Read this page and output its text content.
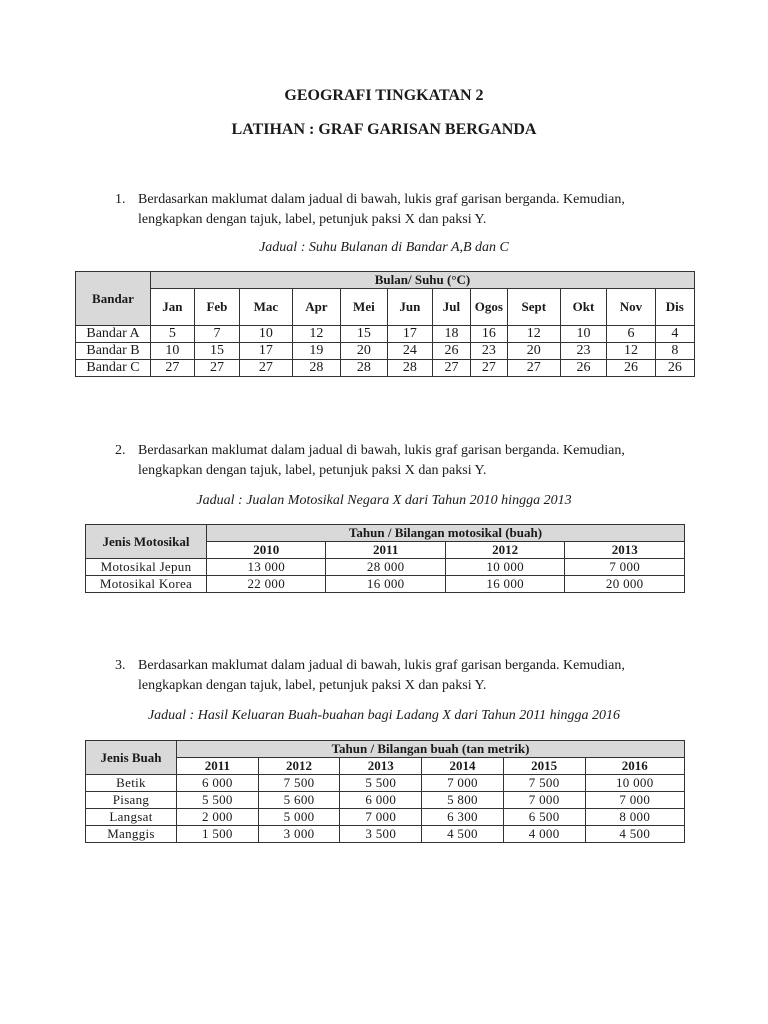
GEOGRAFI TINGKATAN 2
LATIHAN : GRAF GARISAN BERGANDA
1. Berdasarkan maklumat dalam jadual di bawah, lukis graf garisan berganda. Kemudian,
lengkapkan dengan tajuk, label, petunjuk paksi X dan paksi Y.
Jadual : Suhu Bulanan di Bandar A,B dan C
Bandar	Bulan/ Suhu (°C)											
	Jan	Feb	Mac	Apr	Mei	Jun	Jul	Ogos	Sept	Okt	Nov	Dis
Bandar A	5	7	10	12	15	17	18	16	12	10	6	4
Bandar B	10	15	17	19	20	24	26	23	20	23	12	8
Bandar C	27	27	27	28	28	28	27	27	27	26	26	26
2. Berdasarkan maklumat dalam jadual di bawah, lukis graf garisan berganda. Kemudian,
lengkapkan dengan tajuk, label, petunjuk paksi X dan paksi Y.
Jadual : Jualan Motosikal Negara X dari Tahun 2010 hingga 2013
Jenis Motosikal	Tahun / Bilangan motosikal (buah)			
	2010	2011	2012	2013
Motosikal Jepun	13 000	28 000	10 000	7 000
Motosikal Korea	22 000	16 000	16 000	20 000
3. Berdasarkan maklumat dalam jadual di bawah, lukis graf garisan berganda. Kemudian,
lengkapkan dengan tajuk, label, petunjuk paksi X dan paksi Y.
Jadual : Hasil Keluaran Buah-buahan bagi Ladang X dari Tahun 2011 hingga 2016
Jenis Buah	Tahun / Bilangan buah (tan metrik)					
	2011	2012	2013	2014	2015	2016
Betik	6 000	7 500	5 500	7 000	7 500	10 000
Pisang	5 500	5 600	6 000	5 800	7 000	7 000
Langsat	2 000	5 000	7 000	6 300	6 500	8 000
Manggis	1 500	3 000	3 500	4 500	4 000	4 500
